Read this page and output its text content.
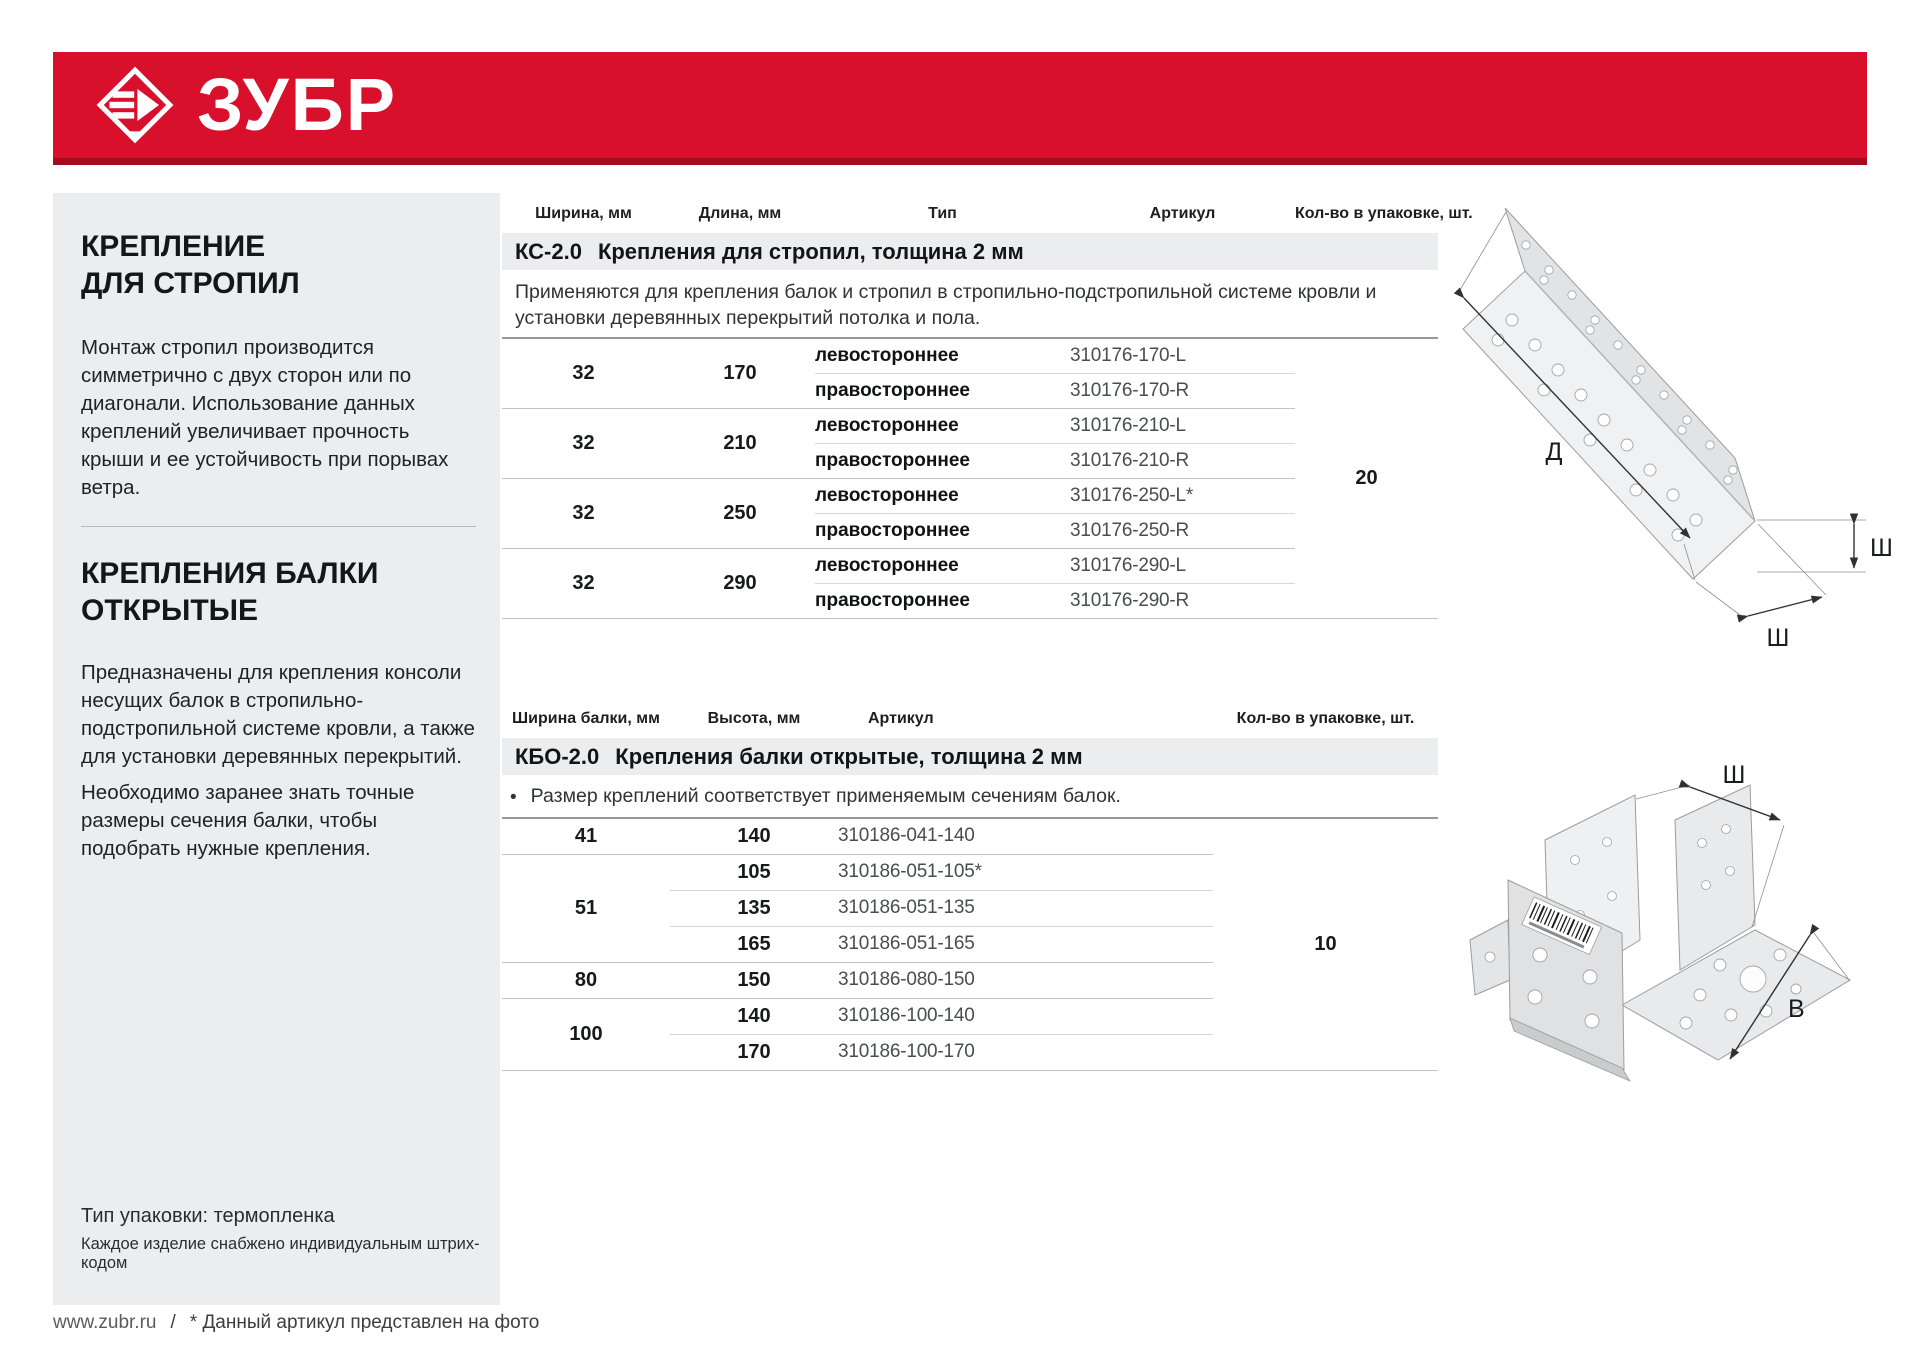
ЗУБР
КРЕПЛЕНИЕ
ДЛЯ СТРОПИЛ
Монтаж стропил производится симметрично с двух сторон или по диагонали. Использование данных креплений увеличивает прочность крыши и ее устойчивость при порывах ветра.
КРЕПЛЕНИЯ БАЛКИ
ОТКРЫТЫЕ
Предназначены для крепления консоли несущих балок в стропильно-подстропильной системе кровли, а также для установки деревянных перекрытий.
Необходимо заранее знать точные размеры сечения балки, чтобы подобрать нужные крепления.
Тип упаковки: термопленка
Каждое изделие снабжено индивидуальным штрих-кодом
Ширина, мм	Длина, мм	Тип	Артикул	Кол-во в упаковке, шт.
КС-2.0 Крепления для стропил, толщина 2 мм
Применяются для крепления балок и стропил в стропильно-подстропильной системе кровли и установки деревянных перекрытий потолка и пола.
32	170	левостороннее	310176-170-L	20
		правостороннее	310176-170-R	
32	210	левостороннее	310176-210-L	
		правостороннее	310176-210-R	
32	250	левостороннее	310176-250-L*	
		правостороннее	310176-250-R	
32	290	левостороннее	310176-290-L	
		правостороннее	310176-290-R	
Ширина балки, мм	Высота, мм	Артикул	Кол-во в упаковке, шт.
КБО-2.0 Крепления балки открытые, толщина 2 мм
• Размер креплений соответствует применяемым сечениям балок.
41	140	310186-041-140	10
51	105	310186-051-105*	
	135	310186-051-135	
	165	310186-051-165	
80	150	310186-080-150	
100	140	310186-100-140	
	170	310186-100-170	
Д
Ш
Ш
Ш
В
www.zubr.ru / * Данный артикул представлен на фото
